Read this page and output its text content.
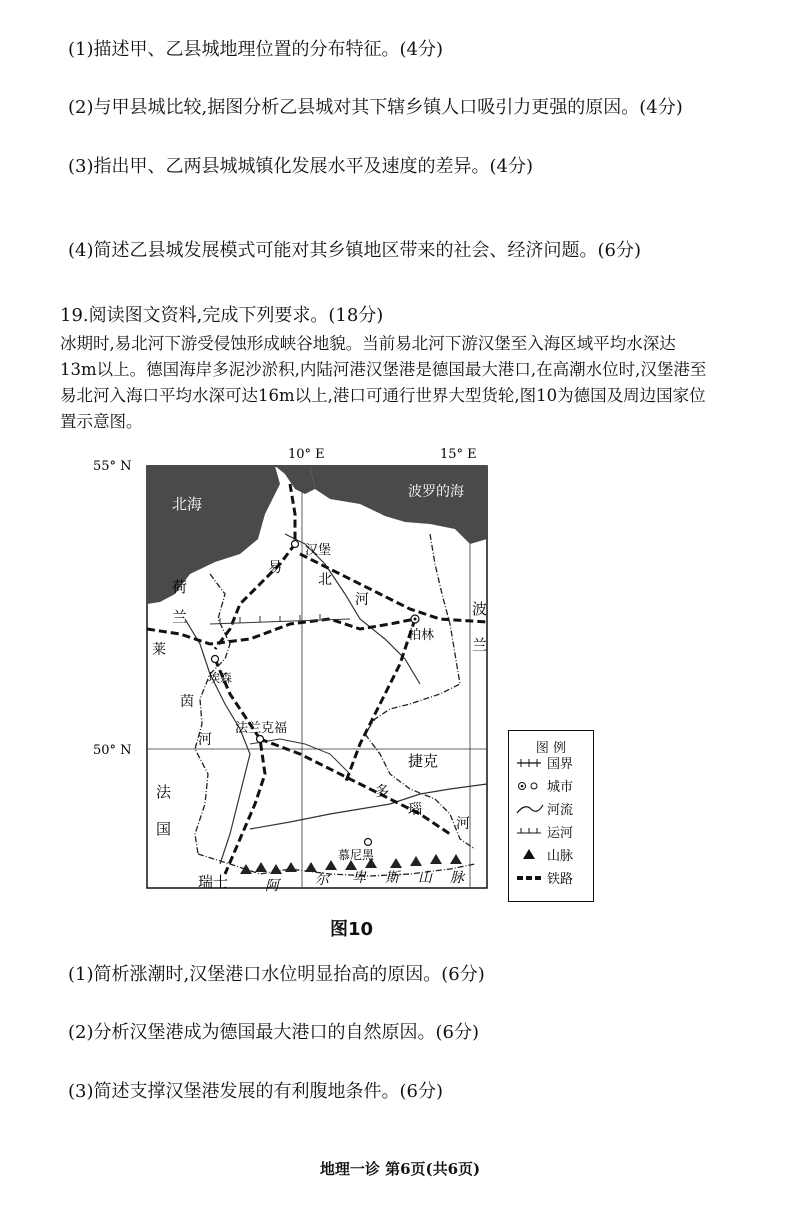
(1)描述甲、乙县城地理位置的分布特征。(4分)
(2)与甲县城比较,据图分析乙县城对其下辖乡镇人口吸引力更强的原因。(4分)
(3)指出甲、乙两县城城镇化发展水平及速度的差异。(4分)
(4)简述乙县城发展模式可能对其乡镇地区带来的社会、经济问题。(6分)

19.阅读图文资料,完成下列要求。(18分)

冰期时,易北河下游受侵蚀形成峡谷地貌。当前易北河下游汉堡至入海区域平均水深达

13m以上。德国海岸多泥沙淤积,内陆河港汉堡港是德国最大港口,在高潮水位时,汉堡港至

易北河入海口平均水深可达16m以上,港口可通行世界大型货轮,图10为德国及周边国家位

置示意图。

55° N
50° N
10° E	15° E
北海
波罗的海
汉堡
柏林
埃森
法兰克福
慕尼黑
易
北
河
莱
茵
河
多
瑙
河
荷
兰	波
兰
捷克
法
国
瑞士	阿	尔 卑 斯 山 脉
图 例
国界
城市
河流
运河
山脉
铁路
图10
(1)简析涨潮时,汉堡港口水位明显抬高的原因。(6分)
(2)分析汉堡港成为德国最大港口的自然原因。(6分)
(3)简述支撑汉堡港发展的有利腹地条件。(6分)
地理一诊 第6页(共6页)
